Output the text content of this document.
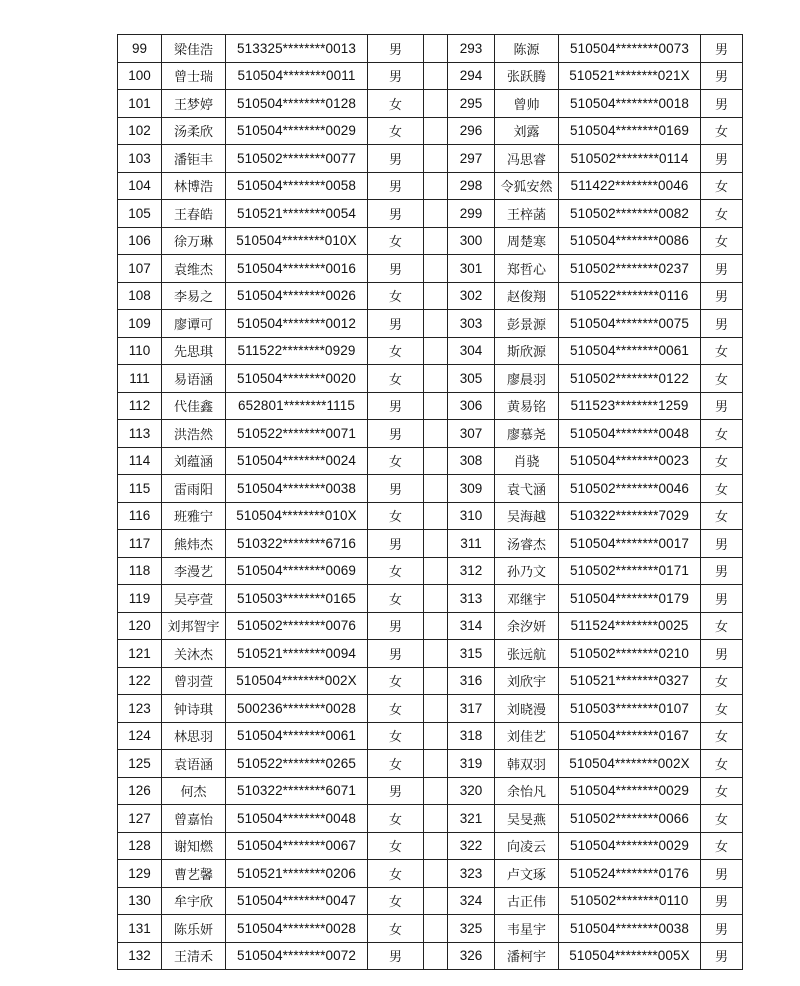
99	梁佳浩	513325********0013	男		293	陈源	510504********0073	男
100	曾士瑞	510504********0011	男		294	张跃腾	510521********021X	男
101	王梦婷	510504********0128	女		295	曾帅	510504********0018	男
102	汤柔欣	510504********0029	女		296	刘露	510504********0169	女
103	潘钜丰	510502********0077	男		297	冯思睿	510502********0114	男
104	林博浩	510504********0058	男		298	令狐安然	511422********0046	女
105	王春皓	510521********0054	男		299	王梓菡	510502********0082	女
106	徐万琳	510504********010X	女		300	周楚寒	510504********0086	女
107	袁维杰	510504********0016	男		301	郑哲心	510502********0237	男
108	李易之	510504********0026	女		302	赵俊翔	510522********0116	男
109	廖谭可	510504********0012	男		303	彭景源	510504********0075	男
110	先思琪	511522********0929	女		304	斯欣源	510504********0061	女
111	易语涵	510504********0020	女		305	廖晨羽	510502********0122	女
112	代佳鑫	652801********1115	男		306	黄易铭	511523********1259	男
113	洪浩然	510522********0071	男		307	廖慕尧	510504********0048	女
114	刘蕴涵	510504********0024	女		308	肖骁	510504********0023	女
115	雷雨阳	510504********0038	男		309	袁弋涵	510502********0046	女
116	班雅宁	510504********010X	女		310	吴海越	510322********7029	女
117	熊炜杰	510322********6716	男		311	汤睿杰	510504********0017	男
118	李漫艺	510504********0069	女		312	孙乃文	510502********0171	男
119	吴亭萱	510503********0165	女		313	邓继宇	510504********0179	男
120	刘邦智宇	510502********0076	男		314	余汐妍	511524********0025	女
121	关沐杰	510521********0094	男		315	张远航	510502********0210	男
122	曾羽萱	510504********002X	女		316	刘欣宇	510521********0327	女
123	钟诗琪	500236********0028	女		317	刘晓漫	510503********0107	女
124	林思羽	510504********0061	女		318	刘佳艺	510504********0167	女
125	袁语涵	510522********0265	女		319	韩双羽	510504********002X	女
126	何杰	510322********6071	男		320	余怡凡	510504********0029	女
127	曾嘉怡	510504********0048	女		321	吴旻燕	510502********0066	女
128	谢知燃	510504********0067	女		322	向凌云	510504********0029	女
129	曹艺馨	510521********0206	女		323	卢文琢	510524********0176	男
130	牟宇欣	510504********0047	女		324	古正伟	510502********0110	男
131	陈乐妍	510504********0028	女		325	韦星宇	510504********0038	男
132	王清禾	510504********0072	男		326	潘柯宇	510504********005X	男
